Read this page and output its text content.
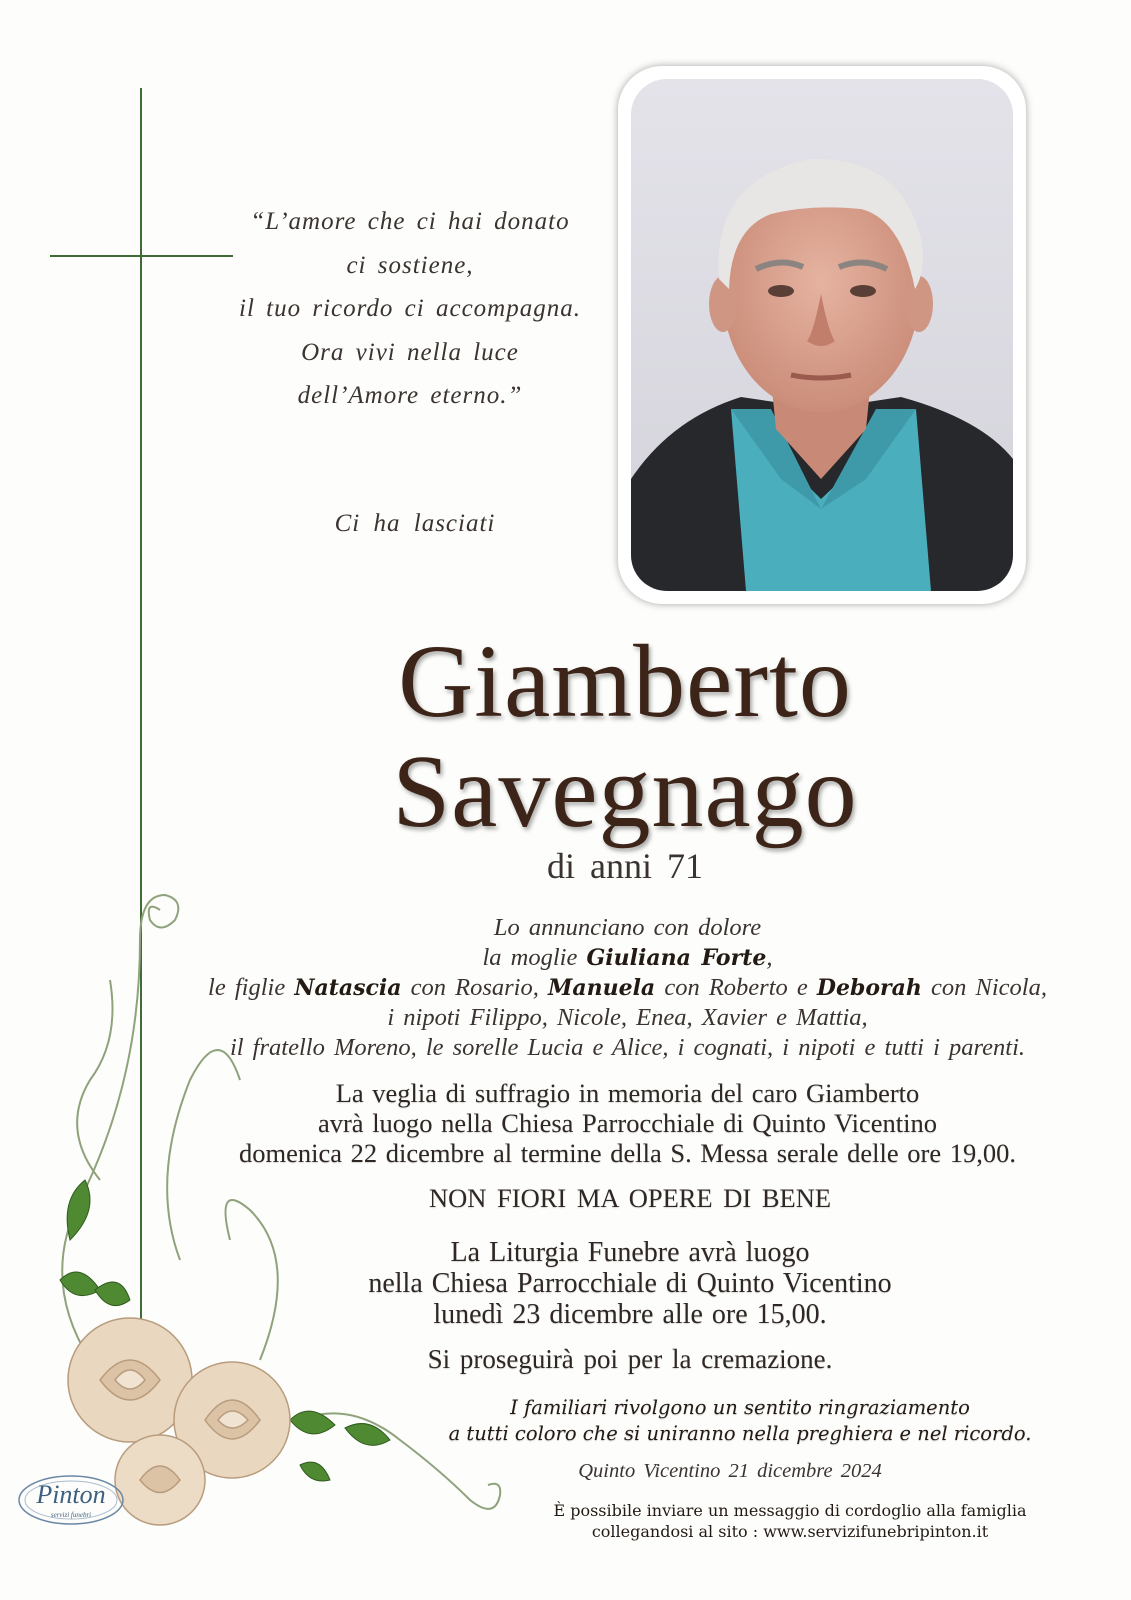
“L’amore che ci hai donato
ci sostiene,
il tuo ricordo ci accompagna.
Ora vivi nella luce
dell’Amore eterno.”
Ci ha lasciati
Giamberto
Savegnago
di anni 71
Lo annunciano con dolore
la moglie Giuliana Forte,
le figlie Natascia con Rosario, Manuela con Roberto e Deborah con Nicola,
i nipoti Filippo, Nicole, Enea, Xavier e Mattia,
il fratello Moreno, le sorelle Lucia e Alice, i cognati, i nipoti e tutti i parenti.
La veglia di suffragio in memoria del caro Giamberto
avrà luogo nella Chiesa Parrocchiale di Quinto Vicentino
domenica 22 dicembre al termine della S. Messa serale delle ore 19,00.
NON FIORI MA OPERE DI BENE
La Liturgia Funebre avrà luogo
nella Chiesa Parrocchiale di Quinto Vicentino
lunedì 23 dicembre alle ore 15,00.
Si proseguirà poi per la cremazione.
I familiari rivolgono un sentito ringraziamento
a tutti coloro che si uniranno nella preghiera e nel ricordo.
Quinto Vicentino 21 dicembre 2024
È possibile inviare un messaggio di cordoglio alla famiglia
collegandosi al sito : www.servizifunebripinton.it
Pinton
servizi funebri
